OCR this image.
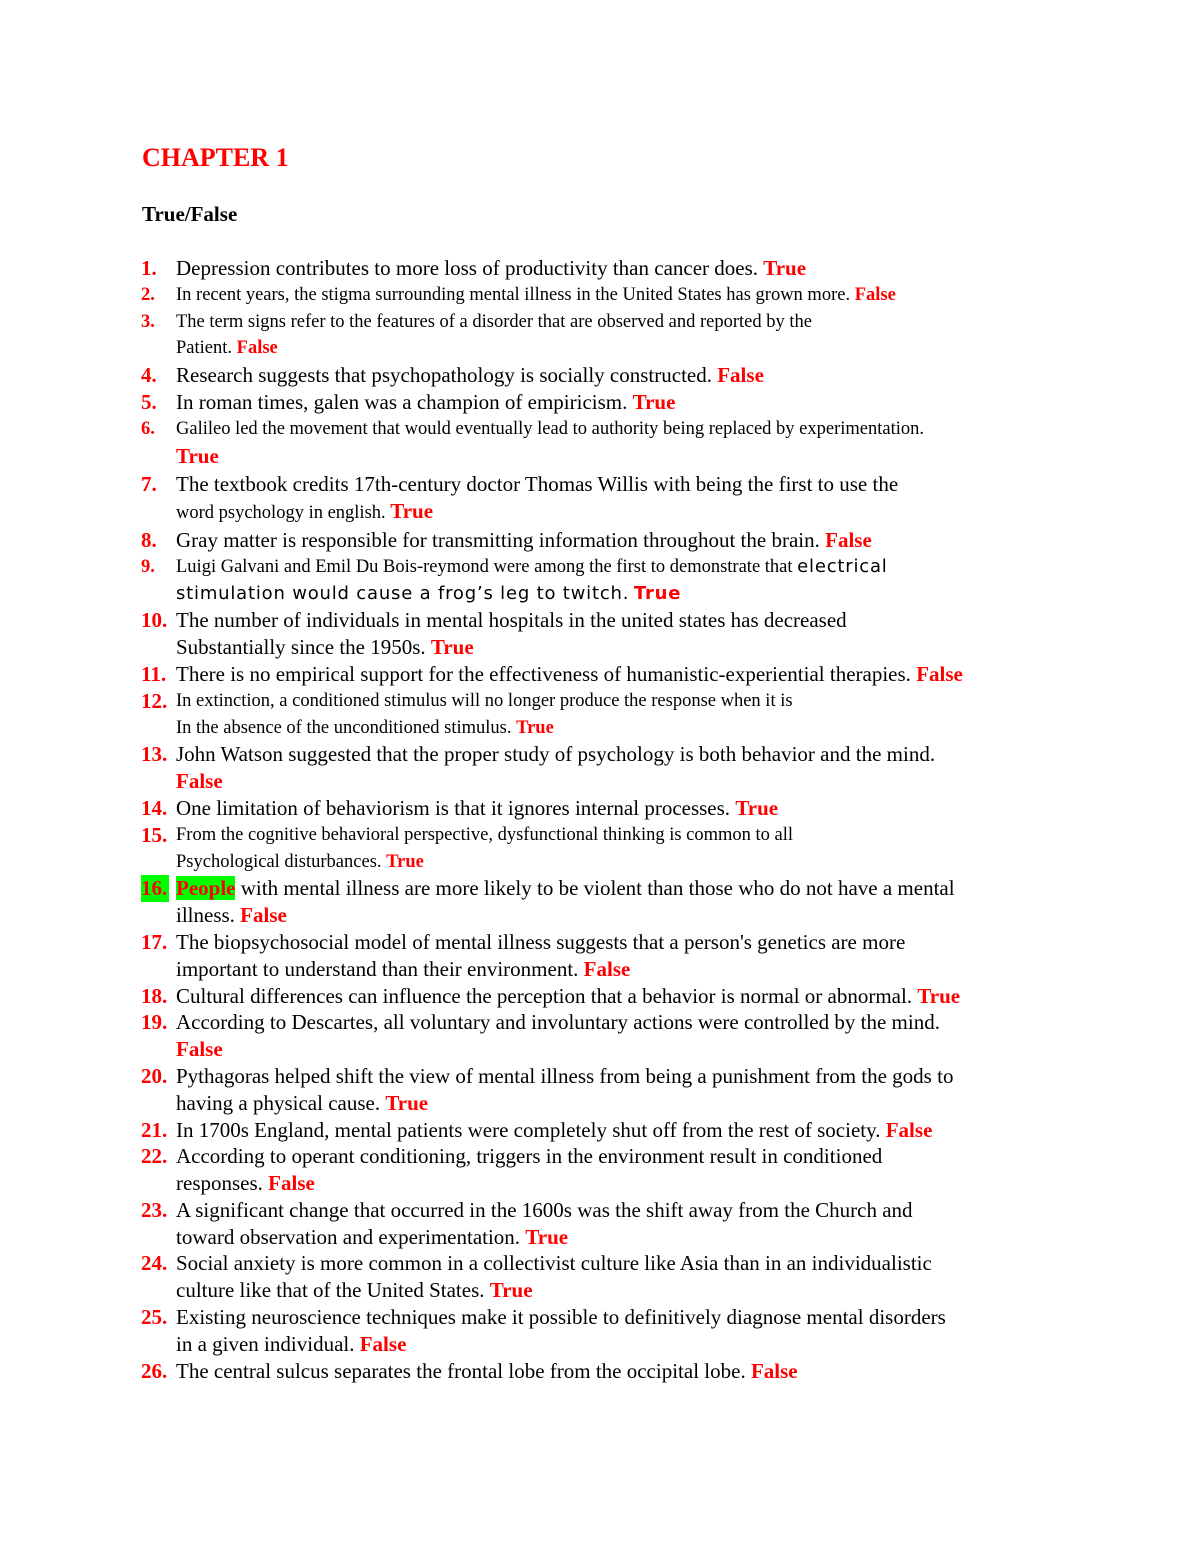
CHAPTER 1
True/False
1. Depression contributes to more loss of productivity than cancer does. True
2. In recent years, the stigma surrounding mental illness in the United States has grown more. False
3. The term signs refer to the features of a disorder that are observed and reported by the
Patient. False
4. Research suggests that psychopathology is socially constructed. False
5. In roman times, galen was a champion of empiricism. True
6. Galileo led the movement that would eventually lead to authority being replaced by experimentation.
True
7. The textbook credits 17th-century doctor Thomas Willis with being the first to use the
word psychology in english. True
8. Gray matter is responsible for transmitting information throughout the brain. False
9. Luigi Galvani and Emil Du Bois-reymond were among the first to demonstrate that electrical
stimulation would cause a frog’s leg to twitch. True
10. The number of individuals in mental hospitals in the united states has decreased
Substantially since the 1950s. True
11. There is no empirical support for the effectiveness of humanistic-experiential therapies. False
12. In extinction, a conditioned stimulus will no longer produce the response when it is
In the absence of the unconditioned stimulus. True
13. John Watson suggested that the proper study of psychology is both behavior and the mind.
False
14. One limitation of behaviorism is that it ignores internal processes. True
15. From the cognitive behavioral perspective, dysfunctional thinking is common to all
Psychological disturbances. True
16. People with mental illness are more likely to be violent than those who do not have a mental
illness. False
17. The biopsychosocial model of mental illness suggests that a person's genetics are more
important to understand than their environment. False
18. Cultural differences can influence the perception that a behavior is normal or abnormal. True
19. According to Descartes, all voluntary and involuntary actions were controlled by the mind.
False
20. Pythagoras helped shift the view of mental illness from being a punishment from the gods to
having a physical cause. True
21. In 1700s England, mental patients were completely shut off from the rest of society. False
22. According to operant conditioning, triggers in the environment result in conditioned
responses. False
23. A significant change that occurred in the 1600s was the shift away from the Church and
toward observation and experimentation. True
24. Social anxiety is more common in a collectivist culture like Asia than in an individualistic
culture like that of the United States. True
25. Existing neuroscience techniques make it possible to definitively diagnose mental disorders
in a given individual. False
26. The central sulcus separates the frontal lobe from the occipital lobe. False
